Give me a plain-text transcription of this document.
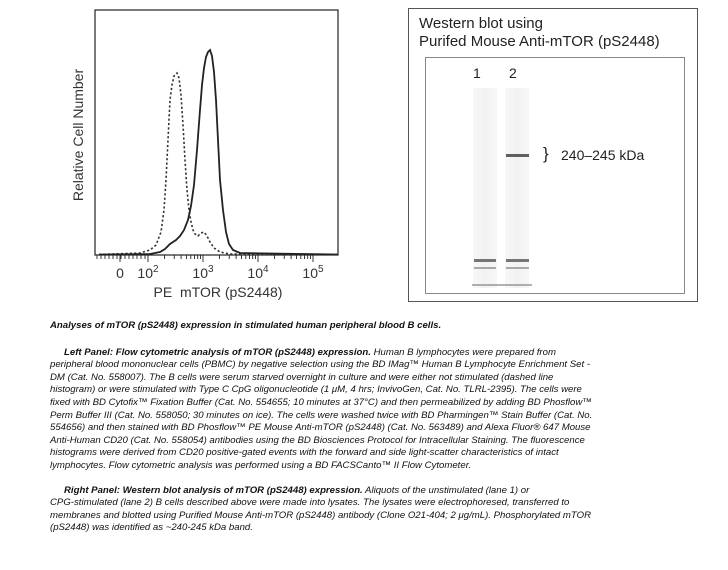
Relative Cell Number
0 $10^2$ $10^3$ $10^4$ $10^5$
PE  mTOR (pS2448)
Western blot using
Purifed Mouse Anti-mTOR (pS2448)
1 2
} 240–245 kDa
Analyses of mTOR (pS2448) expression in stimulated human peripheral blood B cells.
Left Panel: Flow cytometric analysis of mTOR (pS2448) expression. Human B lymphocytes were prepared from
peripheral blood mononuclear cells (PBMC) by negative selection using the BD IMag™ Human B Lymphocyte Enrichment Set -
DM (Cat. No. 558007). The B cells were serum starved overnight in culture and were either not stimulated (dashed line
histogram) or were stimulated with Type C CpG oligonucleotide (1 μM, 4 hrs; InvivoGen, Cat. No. TLRL-2395). The cells were
fixed with BD Cytofix™ Fixation Buffer (Cat. No. 554655; 10 minutes at 37°C) and then permeabilized by adding BD Phosflow™
Perm Buffer III (Cat. No. 558050; 30 minutes on ice). The cells were washed twice with BD Pharmingen™ Stain Buffer (Cat. No.
554656) and then stained with BD Phosflow™ PE Mouse Anti-mTOR (pS2448) (Cat. No. 563489) and Alexa Fluor® 647 Mouse
Anti-Human CD20 (Cat. No. 558054) antibodies using the BD Biosciences Protocol for Intracellular Staining. The fluorescence
histograms were derived from CD20 positive-gated events with the forward and side light-scatter characteristics of intact
lymphocytes. Flow cytometric analysis was performed using a BD FACSCanto™ II Flow Cytometer.
Right Panel: Western blot analysis of mTOR (pS2448) expression. Aliquots of the unstimulated (lane 1) or
CPG-stimulated (lane 2) B cells described above were made into lysates. The lysates were electrophoresed, transferred to
membranes and blotted using Purified Mouse Anti-mTOR (pS2448) antibody (Clone O21-404; 2 μg/mL). Phosphorylated mTOR
(pS2448) was identified as ~240-245 kDa band.
